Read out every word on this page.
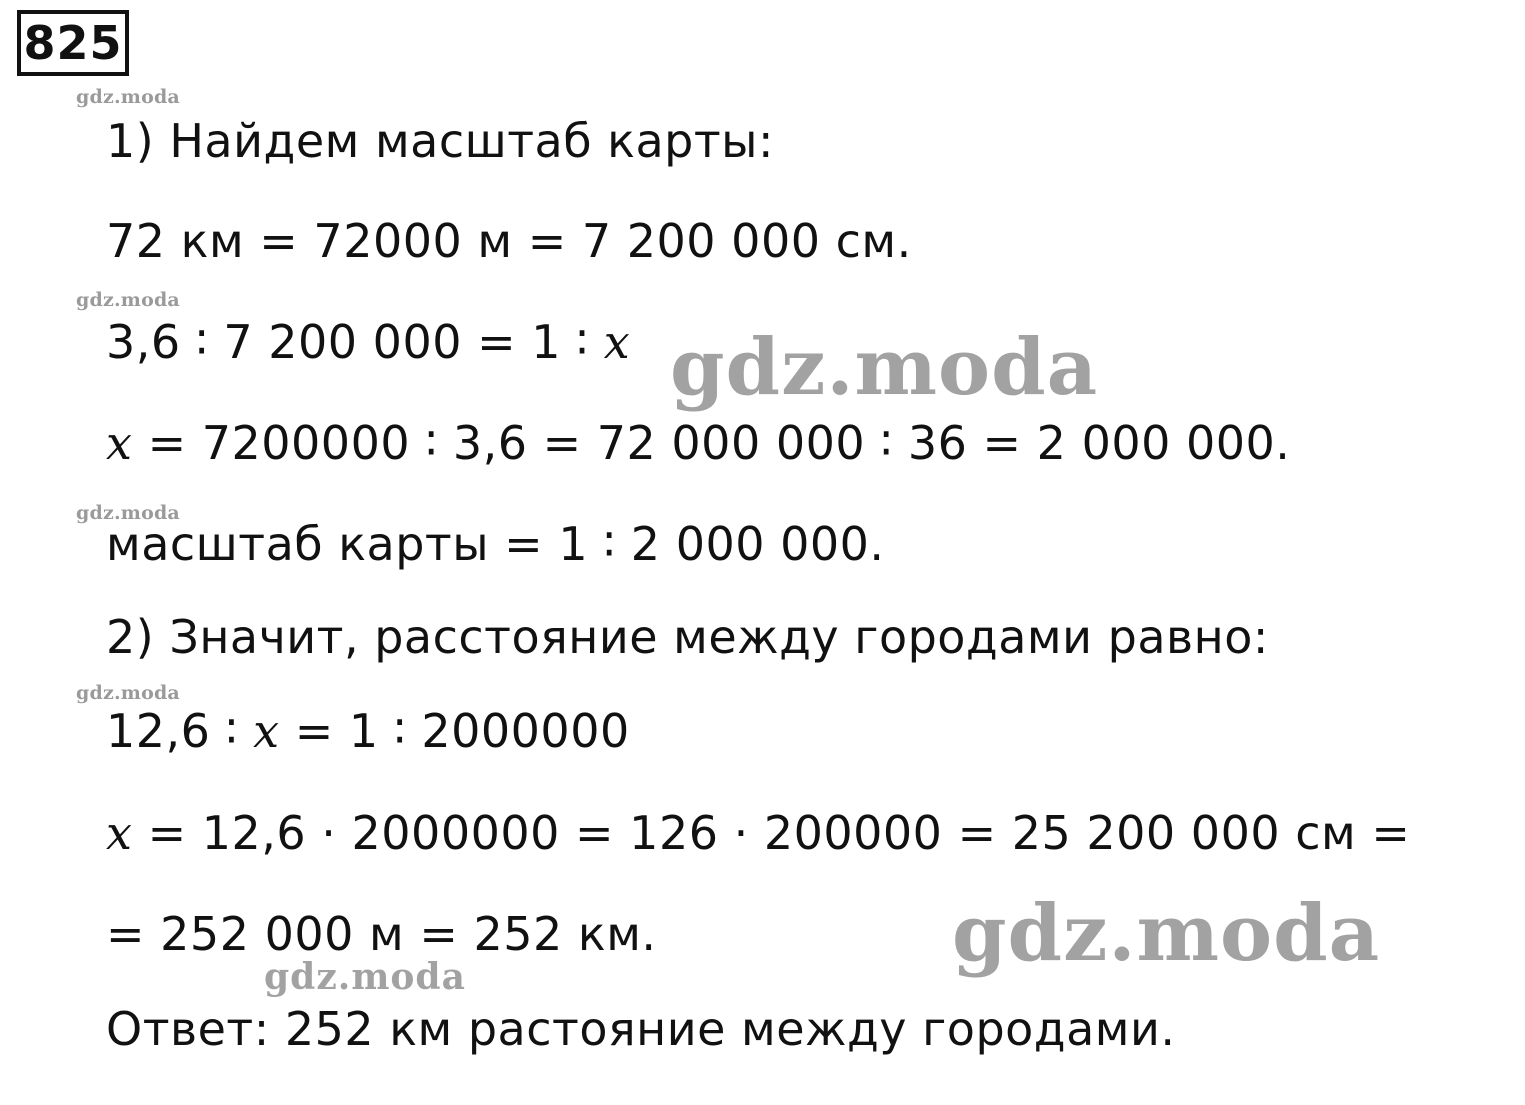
825
gdz.moda
gdz.moda
gdz.moda
gdz.moda
gdz.moda
gdz.moda
gdz.moda
1) Найдем масштаб карты:
72 км = 72000 м = 7 200 000 см.
3,6 ∶ 7 200 000 = 1 ∶ x
x = 7200000 ∶ 3,6 = 72 000 000 ∶ 36 = 2 000 000.
масштаб карты = 1 ∶ 2 000 000.
2) Значит, расстояние между городами равно:
12,6 ∶ x = 1 ∶ 2000000
x = 12,6 · 2000000 = 126 · 200000 = 25 200 000 см =
= 252 000 м = 252 км.
Ответ: 252 км растояние между городами.
